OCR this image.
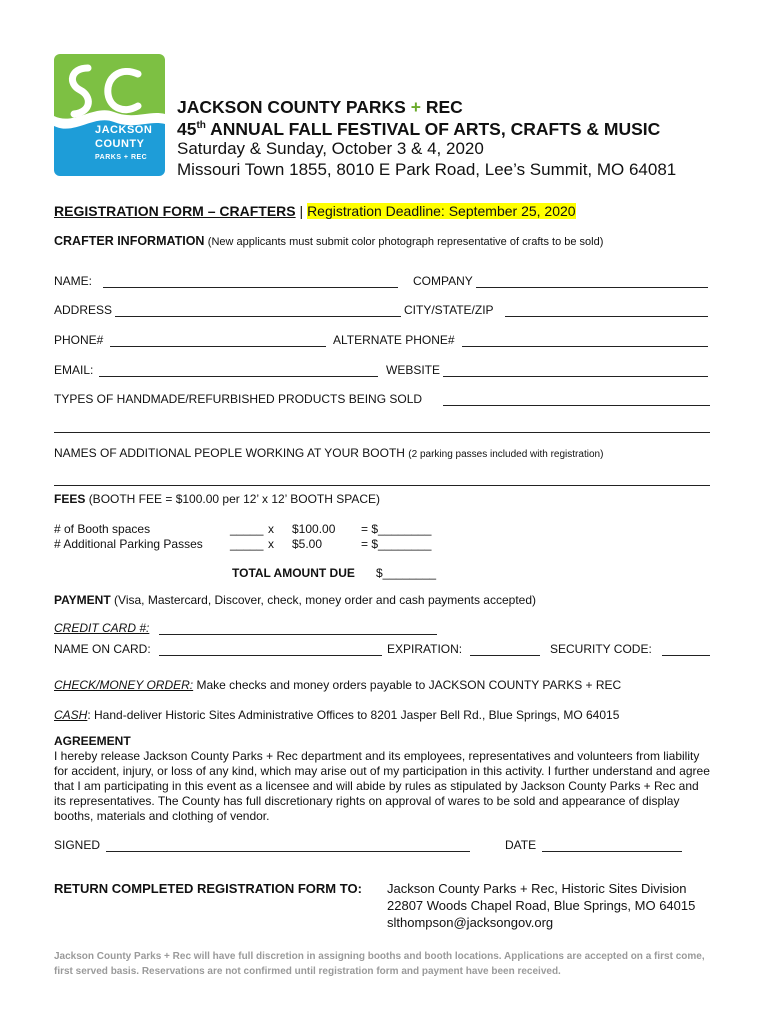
JACKSON
COUNTY
PARKS + REC
JACKSON COUNTY PARKS + REC
45th ANNUAL FALL FESTIVAL OF ARTS, CRAFTS & MUSIC
Saturday & Sunday, October 3 & 4, 2020
Missouri Town 1855, 8010 E Park Road, Lee’s Summit, MO 64081
REGISTRATION FORM – CRAFTERS | Registration Deadline: September 25, 2020
CRAFTER INFORMATION (New applicants must submit color photograph representative of crafts to be sold)
NAME:	COMPANY
ADDRESS	CITY/STATE/ZIP
PHONE#	ALTERNATE PHONE#
EMAIL:	WEBSITE
TYPES OF HANDMADE/REFURBISHED PRODUCTS BEING SOLD
NAMES OF ADDITIONAL PEOPLE WORKING AT YOUR BOOTH (2 parking passes included with registration)
FEES (BOOTH FEE = $100.00 per 12’ x 12’ BOOTH SPACE)
# of Booth spaces	_____ x $100.00 = $________
# Additional Parking Passes _____ x $5.00	= $________
TOTAL AMOUNT DUE $________
PAYMENT (Visa, Mastercard, Discover, check, money order and cash payments accepted)
CREDIT CARD #:
NAME ON CARD:	EXPIRATION:	SECURITY CODE:
CHECK/MONEY ORDER: Make checks and money orders payable to JACKSON COUNTY PARKS + REC
CASH: Hand-deliver Historic Sites Administrative Offices to 8201 Jasper Bell Rd., Blue Springs, MO 64015
AGREEMENT
I hereby release Jackson County Parks + Rec department and its employees, representatives and volunteers from liability for accident, injury, or loss of any kind, which may arise out of my participation in this activity. I further understand and agree that I am participating in this event as a licensee and will abide by rules as stipulated by Jackson County Parks + Rec and its representatives. The County has full discretionary rights on approval of wares to be sold and appearance of display booths, materials and clothing of vendor.
SIGNED	DATE
RETURN COMPLETED REGISTRATION FORM TO: Jackson County Parks + Rec, Historic Sites Division
22807 Woods Chapel Road, Blue Springs, MO 64015
slthompson@jacksongov.org
Jackson County Parks + Rec will have full discretion in assigning booths and booth locations. Applications are accepted on a first come, first served basis. Reservations are not confirmed until registration form and payment have been received.
